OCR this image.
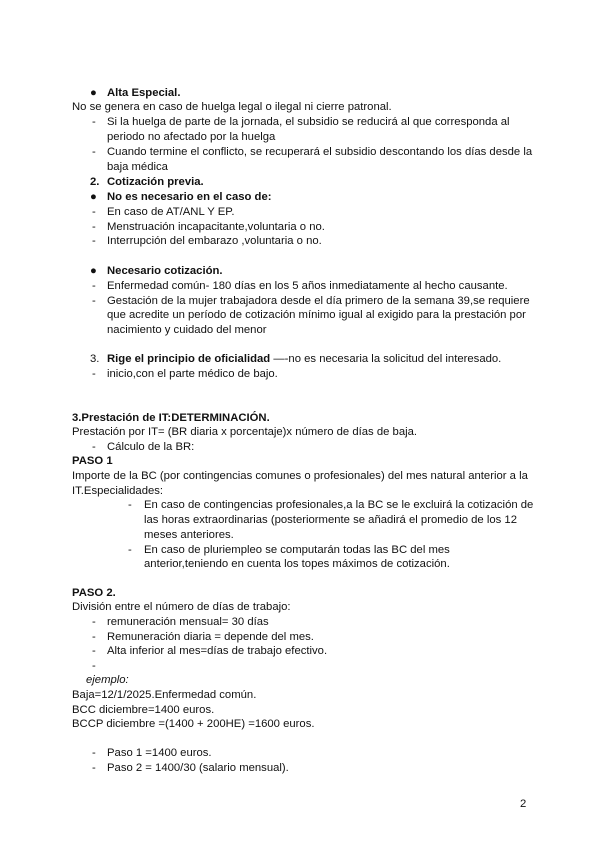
● Alta Especial.
No se genera en caso de huelga legal o ilegal ni cierre patronal.
- Si la huelga de parte de la jornada, el subsidio se reducirá al que corresponda al
periodo no afectado por la huelga
- Cuando termine el conflicto, se recuperará el subsidio descontando los días desde la
baja médica
2. Cotización previa.
● No es necesario en el caso de:
- En caso de AT/ANL Y EP.
- Menstruación incapacitante,voluntaria o no.
- Interrupción del embarazo ,voluntaria o no.
● Necesario cotización.
- Enfermedad común- 180 días en los 5 años inmediatamente al hecho causante.
- Gestación de la mujer trabajadora desde el día primero de la semana 39,se requiere
que acredite un período de cotización mínimo igual al exigido para la prestación por
nacimiento y cuidado del menor
3. Rige el principio de oficialidad —-no es necesaria la solicitud del interesado.
- inicio,con el parte médico de bajo.
3.Prestación de IT:DETERMINACIÓN.
Prestación por IT= (BR diaria x porcentaje)x número de días de baja.
- Cálculo de la BR:
PASO 1
Importe de la BC (por contingencias comunes o profesionales) del mes natural anterior a la
IT.Especialidades:
-	En caso de contingencias profesionales,a la BC se le excluirá la cotización de
las horas extraordinarias (posteriormente se añadirá el promedio de los 12
meses anteriores.
-	En caso de pluriempleo se computarán todas las BC del mes
anterior,teniendo en cuenta los topes máximos de cotización.
PASO 2.
División entre el número de días de trabajo:
- remuneración mensual= 30 días
- Remuneración diaria = depende del mes.
- Alta inferior al mes=días de trabajo efectivo.
-
ejemplo:
Baja=12/1/2025.Enfermedad común.
BCC diciembre=1400 euros.
BCCP diciembre =(1400 + 200HE) =1600 euros.
- Paso 1 =1400 euros.
- Paso 2 = 1400/30 (salario mensual).
2
